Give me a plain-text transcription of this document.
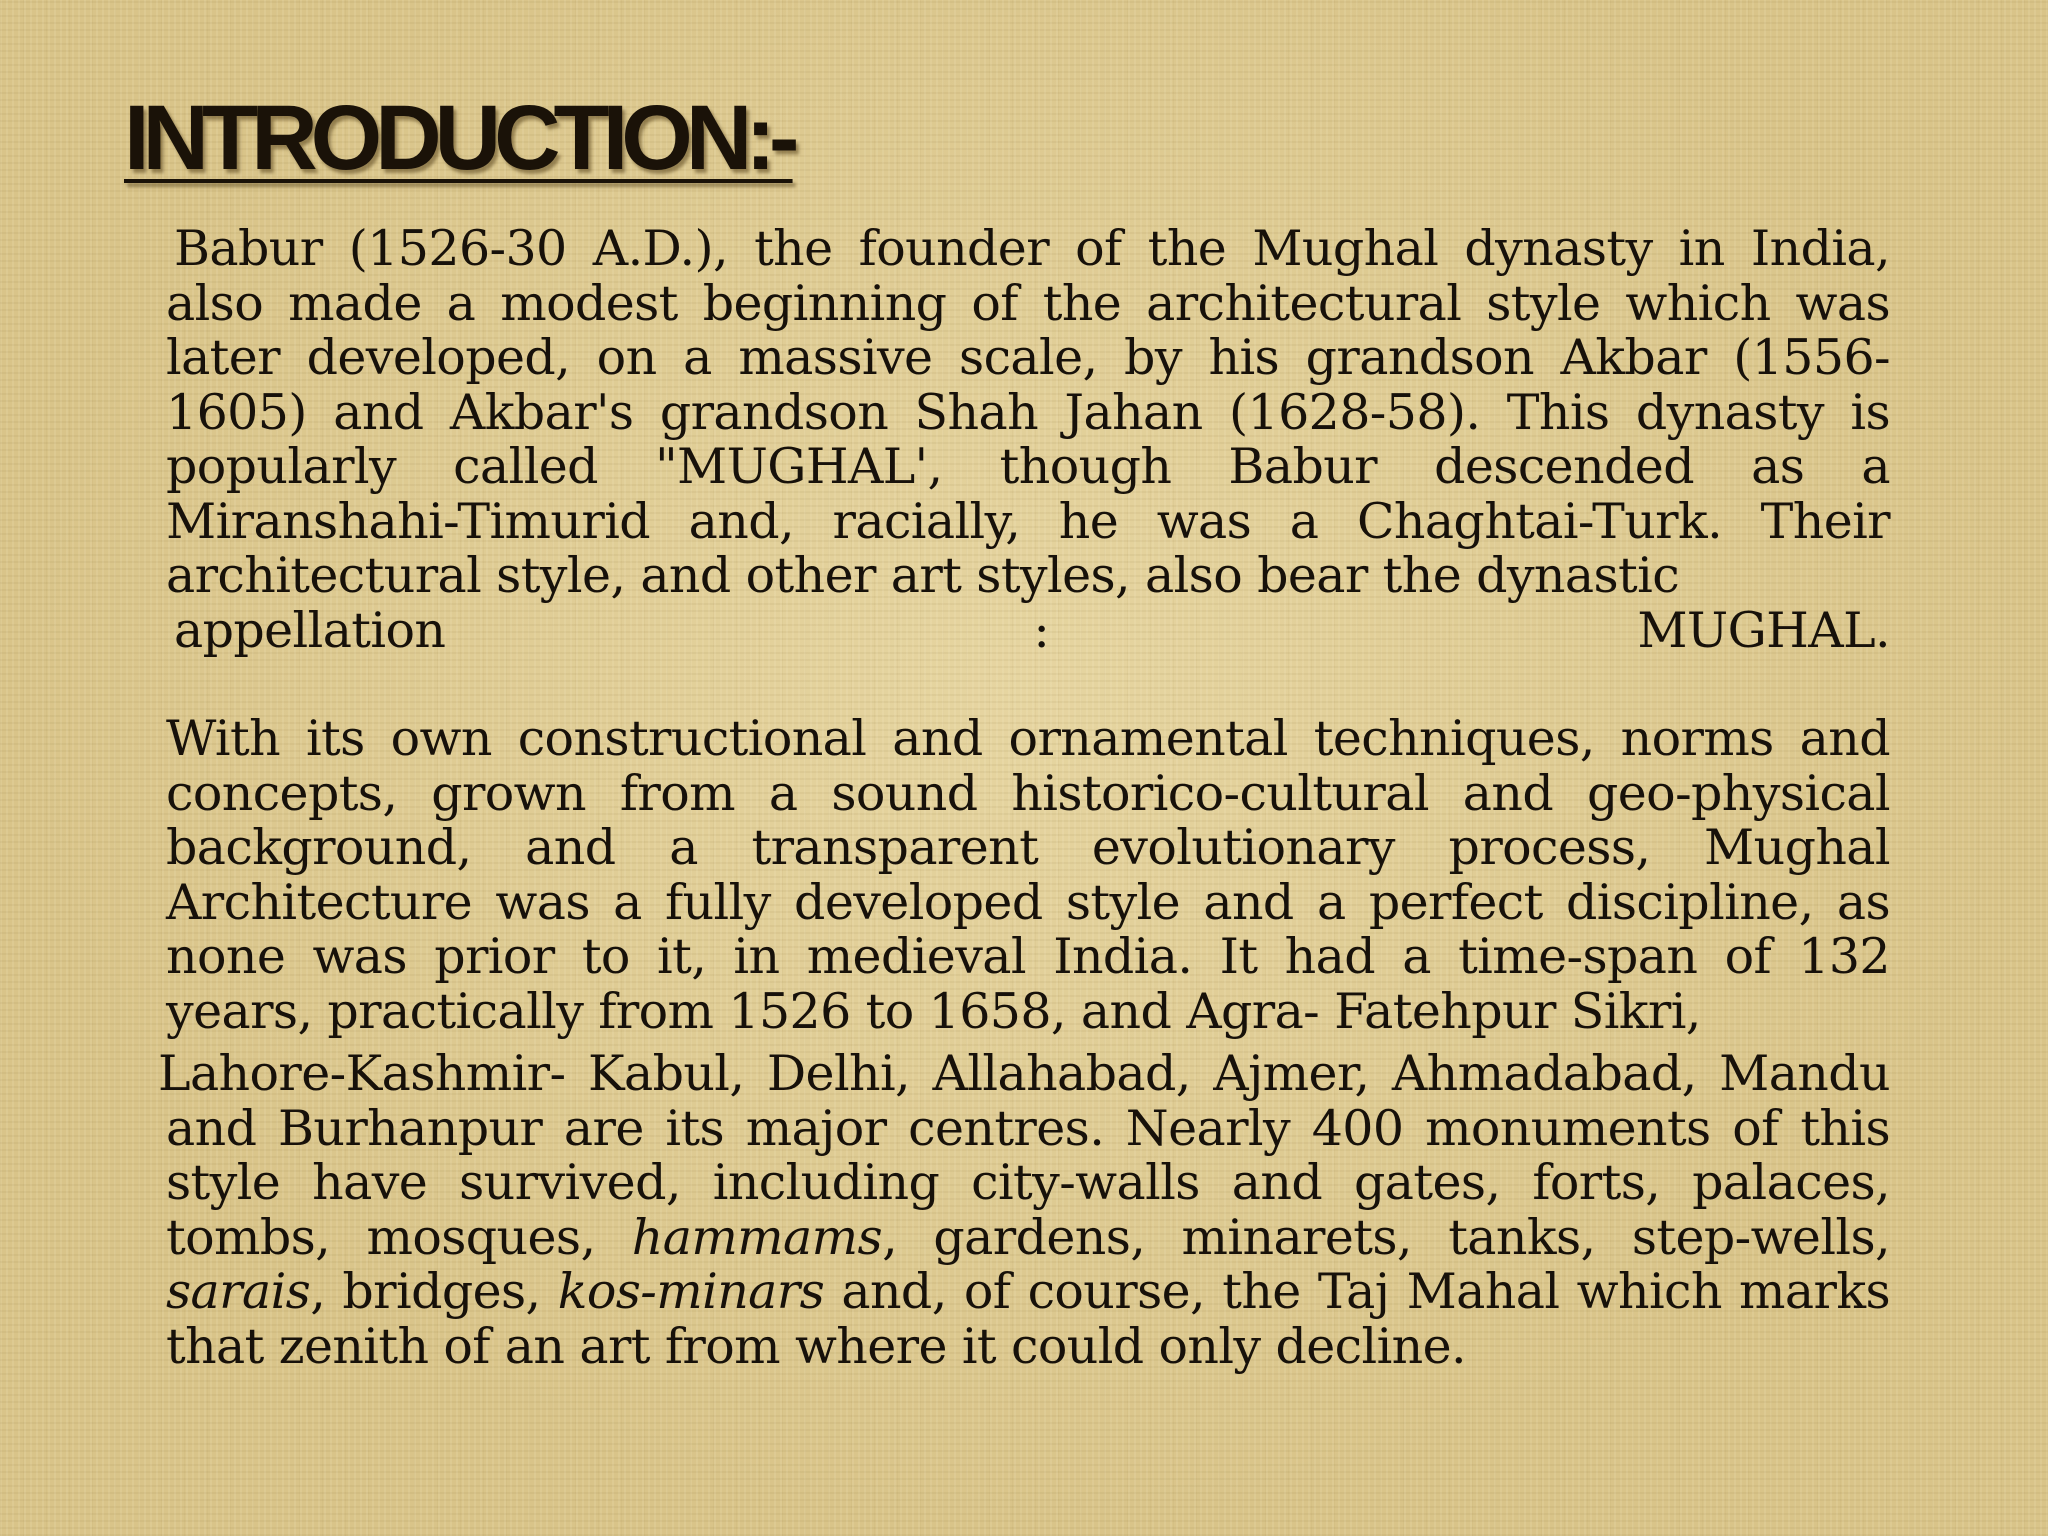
INTRODUCTION:-

Babur (1526-30 A.D.), the founder of the Mughal dynasty in India, also made a modest beginning of the architectural style which was later developed, on a massive scale, by his grandson Akbar (1556-1605) and Akbar's grandson Shah Jahan (1628-58). This dynasty is popularly called "MUGHAL', though Babur descended as a Miranshahi-Timurid and, racially, he was a Chaghtai-Turk. Their architectural style, and other art styles, also bear the dynastic
appellation : MUGHAL.

With its own constructional and ornamental techniques, norms and concepts, grown from a sound historico-cultural and geo-physical background, and a transparent evolutionary process, Mughal Architecture was a fully developed style and a perfect discipline, as none was prior to it, in medieval India. It had a time-span of 132 years, practically from 1526 to 1658, and Agra- Fatehpur Sikri,

Lahore-Kashmir- Kabul, Delhi, Allahabad, Ajmer, Ahmadabad, Mandu and Burhanpur are its major centres. Nearly 400 monuments of this style have survived, including city-walls and gates, forts, palaces, tombs, mosques, hammams, gardens, minarets, tanks, step-wells, sarais, bridges, kos-minars and, of course, the Taj Mahal which marks that zenith of an art from where it could only decline.
